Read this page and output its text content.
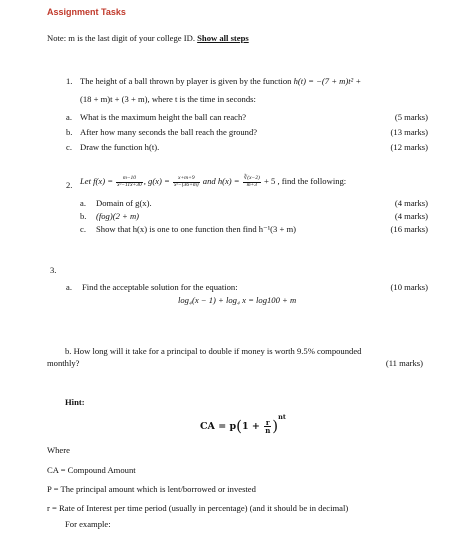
Assignment Tasks
Note: m is the last digit of your college ID. Show all steps
1. The height of a ball thrown by player is given by the function h(t) = −(7 + m)t² +
(18 + m)t + (3 + m), where t is the time in seconds:
a. What is the maximum height the ball can reach?	(5 marks)
b. After how many seconds the ball reach the ground?	(13 marks)
c. Draw the function h(t).	(12 marks)
2. Let $f(x) = \frac{m-10}{\text{x²−11x+30}}$ , $g(x) = \frac{x+m+9}{\text{x²−(36+m)}}$ and $h(x) = \frac{∛(x-2)}{m+3} + 5$ , find the following:
a. Domain of g(x).	(4 marks)
b. (fog)(2 + m)	(4 marks)
c. Show that h(x) is one to one function then find h⁻¹(3 + m)	(16 marks)
3.
a. Find the acceptable solution for the equation:	(10 marks)
log₄(x − 1) + log₄ x = log100 + m
b. How long will it take for a principal to double if money is worth 9.5% compounded
monthly?	(11 marks)
Hint:
CA = $p(1 + \frac{r}{n} )^{nt}$
Where
CA = Compound Amount
P = The principal amount which is lent/borrowed or invested
r = Rate of Interest per time period (usually in percentage) (and it should be in decimal)
For example:
